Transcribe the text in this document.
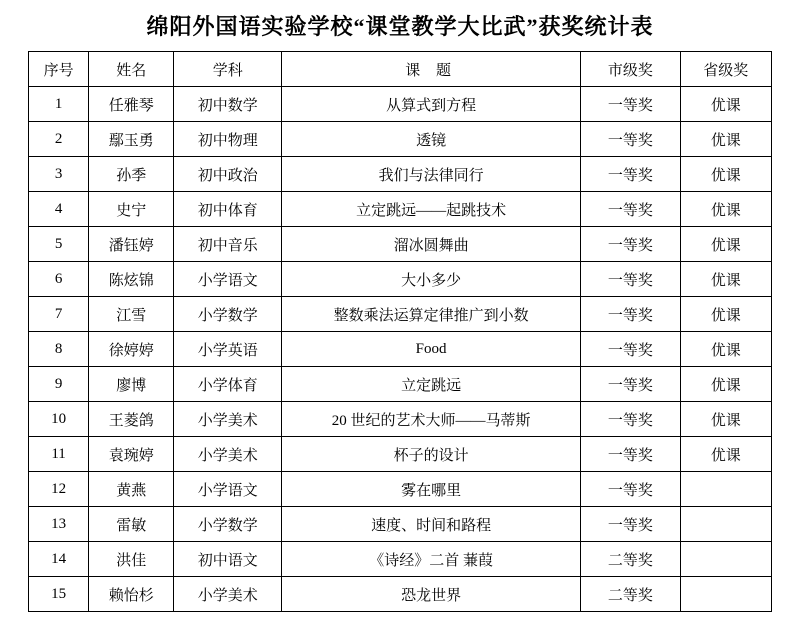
绵阳外国语实验学校“课堂教学大比武”获奖统计表
序号	姓名	学科	课 题	市级奖	省级奖
1	任雅琴	初中数学	从算式到方程	一等奖	优课
2	鄢玉勇	初中物理	透镜	一等奖	优课
3	孙季	初中政治	我们与法律同行	一等奖	优课
4	史宁	初中体育	立定跳远——起跳技术	一等奖	优课
5	潘钰婷	初中音乐	溜冰圆舞曲	一等奖	优课
6	陈炫锦	小学语文	大小多少	一等奖	优课
7	江雪	小学数学	整数乘法运算定律推广到小数	一等奖	优课
8	徐婷婷	小学英语	Food	一等奖	优课
9	廖博	小学体育	立定跳远	一等奖	优课
10	王菱鸽	小学美术	20 世纪的艺术大师——马蒂斯	一等奖	优课
11	袁琬婷	小学美术	杯子的设计	一等奖	优课
12	黄燕	小学语文	雾在哪里	一等奖	
13	雷敏	小学数学	速度、时间和路程	一等奖	
14	洪佳	初中语文	《诗经》二首 蒹葭	二等奖	
15	赖怡杉	小学美术	恐龙世界	二等奖	
